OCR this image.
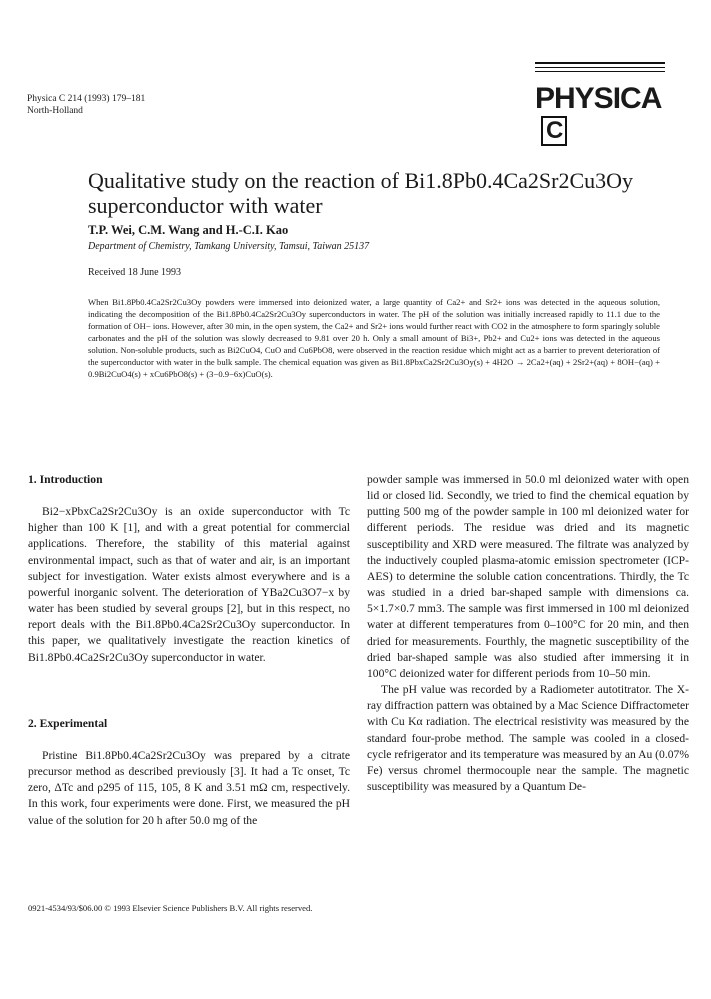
Physica C 214 (1993) 179–181
North-Holland	PHYSICAC
Qualitative study on the reaction of Bi1.8Pb0.4Ca2Sr2Cu3Oy superconductor with water
T.P. Wei, C.M. Wang and H.-C.I. Kao
Department of Chemistry, Tamkang University, Tamsui, Taiwan 25137
Received 18 June 1993
When Bi1.8Pb0.4Ca2Sr2Cu3Oy powders were immersed into deionized water, a large quantity of Ca2+ and Sr2+ ions was detected in the aqueous solution, indicating the decomposition of the Bi1.8Pb0.4Ca2Sr2Cu3Oy superconductors in water. The pH of the solution was initially increased rapidly to 11.1 due to the formation of OH− ions. However, after 30 min, in the open system, the Ca2+ and Sr2+ ions would further react with CO2 in the atmosphere to form sparingly soluble carbonates and the pH of the solution was slowly decreased to 9.81 over 20 h. Only a small amount of Bi3+, Pb2+ and Cu2+ ions was detected in the aqueous solution. Non-soluble products, such as Bi2CuO4, CuO and Cu6PbO8, were observed in the reaction residue which might act as a barrier to prevent deterioration of the superconductor with water in the bulk sample. The chemical equation was given as Bi1.8PbxCa2Sr2Cu3Oy(s) + 4H2O → 2Ca2+(aq) + 2Sr2+(aq) + 8OH−(aq) + 0.9Bi2CuO4(s) + xCu6PbO8(s) + (3−0.9−6x)CuO(s).
1. Introduction

Bi2−xPbxCa2Sr2Cu3Oy is an oxide superconductor with Tc higher than 100 K [1], and with a great potential for commercial applications. Therefore, the stability of this material against environmental impact, such as that of water and air, is an important subject for investigation. Water exists almost everywhere and is a powerful inorganic solvent. The deterioration of YBa2Cu3O7−x by water has been studied by several groups [2], but in this respect, no report deals with the Bi1.8Pb0.4Ca2Sr2Cu3Oy superconductor. In this paper, we qualitatively investigate the reaction kinetics of Bi1.8Pb0.4Ca2Sr2Cu3Oy superconductor in water.

2. Experimental

Pristine Bi1.8Pb0.4Ca2Sr2Cu3Oy was prepared by a citrate precursor method as described previously [3]. It had a Tc onset, Tc zero, ΔTc and ρ295 of 115, 105, 8 K and 3.51 mΩ cm, respectively. In this work, four experiments were done. First, we measured the pH value of the solution for 20 h after 50.0 mg of the

powder sample was immersed in 50.0 ml deionized water with open lid or closed lid. Secondly, we tried to find the chemical equation by putting 500 mg of the powder sample in 100 ml deionized water for different periods. The residue was dried and its magnetic susceptibility and XRD were measured. The filtrate was analyzed by the inductively coupled plasma-atomic emission spectrometer (ICP-AES) to determine the soluble cation concentrations. Thirdly, the Tc was studied in a dried bar-shaped sample with dimensions ca. 5×1.7×0.7 mm3. The sample was first immersed in 100 ml deionized water at different temperatures from 0–100°C for 20 min, and then dried for measurements. Fourthly, the magnetic susceptibility of the dried bar-shaped sample was also studied after immersing it in 100°C deionized water for different periods from 10–50 min.

The pH value was recorded by a Radiometer autotitrator. The X-ray diffraction pattern was obtained by a Mac Science Diffractometer with Cu Kα radiation. The electrical resistivity was measured by the standard four-probe method. The sample was cooled in a closed-cycle refrigerator and its temperature was measured by an Au (0.07% Fe) versus chromel thermocouple near the sample. The magnetic susceptibility was measured by a Quantum De-

0921-4534/93/$06.00 © 1993 Elsevier Science Publishers B.V. All rights reserved.
